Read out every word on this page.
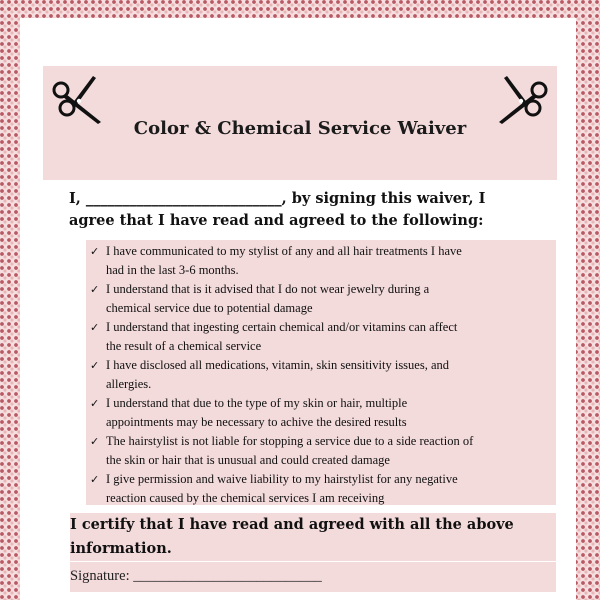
Color & Chemical Service Waiver
I, ___________________________, by signing this waiver, I
agree that I have read and agreed to the following:
✓ I have communicated to my stylist of any and all hair treatments I have
had in the last 3-6 months.
✓ I understand that is it advised that I do not wear jewelry during a
chemical service due to potential damage
✓ I understand that ingesting certain chemical and/or vitamins can affect
the result of a chemical service
✓ I have disclosed all medications, vitamin, skin sensitivity issues, and
allergies.
✓ I understand that due to the type of my skin or hair, multiple
appointments may be necessary to achive the desired results
✓ The hairstylist is not liable for stopping a service due to a side reaction of
the skin or hair that is unusual and could created damage
✓ I give permission and waive liability to my hairstylist for any negative
reaction caused by the chemical services I am receiving
I certify that I have read and agreed with all the above
information.
Signature: __________________________
